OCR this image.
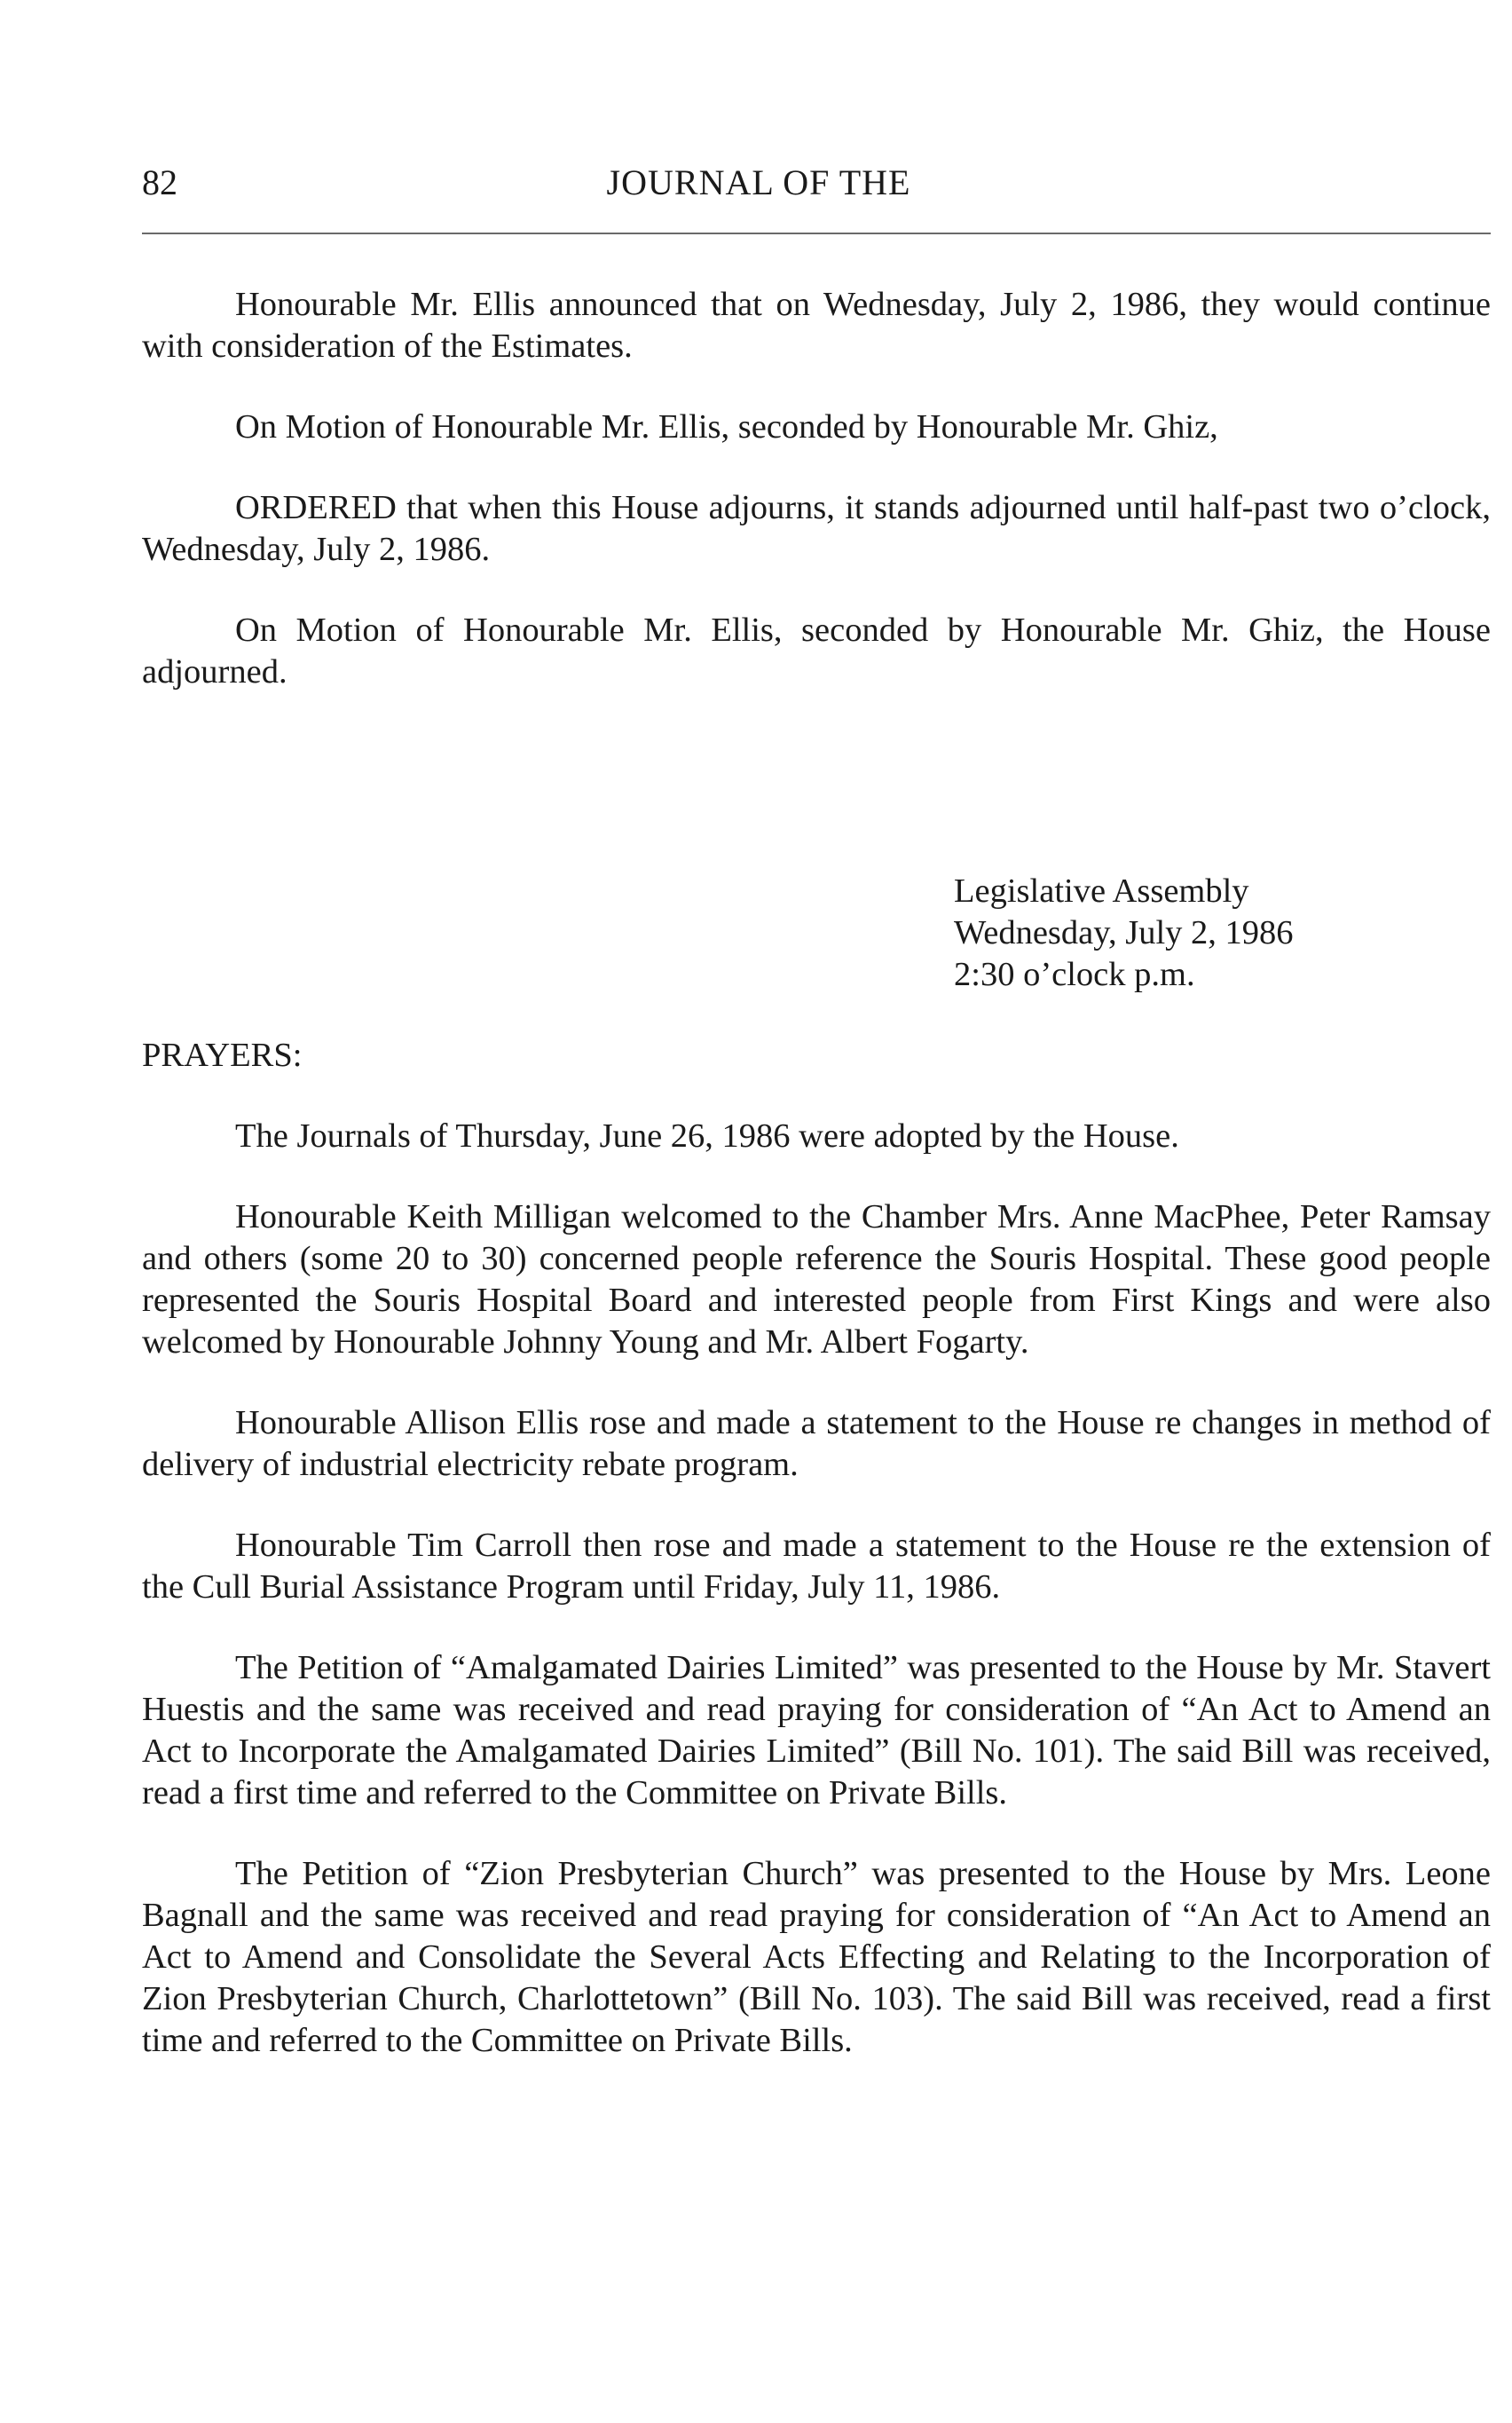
82	JOURNAL OF THE

Honourable Mr. Ellis announced that on Wednesday, July 2, 1986, they would continue with consideration of the Estimates.

On Motion of Honourable Mr. Ellis, seconded by Honourable Mr. Ghiz,

ORDERED that when this House adjourns, it stands adjourned until half-past two o’clock, Wednesday, July 2, 1986.

On Motion of Honourable Mr. Ellis, seconded by Honourable Mr. Ghiz, the House adjourned.

Legislative Assembly
Wednesday, July 2, 1986
2:30 o’clock p.m.

PRAYERS:

The Journals of Thursday, June 26, 1986 were adopted by the House.

Honourable Keith Milligan welcomed to the Chamber Mrs. Anne MacPhee, Peter Ramsay and others (some 20 to 30) concerned people reference the Souris Hospital. These good people represented the Souris Hospital Board and interested people from First Kings and were also welcomed by Honourable Johnny Young and Mr. Albert Fogarty.

Honourable Allison Ellis rose and made a statement to the House re changes in method of delivery of industrial electricity rebate program.

Honourable Tim Carroll then rose and made a statement to the House re the extension of the Cull Burial Assistance Program until Friday, July 11, 1986.

The Petition of “Amalgamated Dairies Limited” was presented to the House by Mr. Stavert Huestis and the same was received and read praying for consideration of “An Act to Amend an Act to Incorporate the Amalgamated Dairies Limited” (Bill No. 101). The said Bill was received, read a first time and referred to the Committee on Private Bills.

The Petition of “Zion Presbyterian Church” was presented to the House by Mrs. Leone Bagnall and the same was received and read praying for consideration of “An Act to Amend an Act to Amend and Consolidate the Several Acts Effecting and Relating to the Incorporation of Zion Presbyterian Church, Charlottetown” (Bill No. 103). The said Bill was received, read a first time and referred to the Committee on Private Bills.
